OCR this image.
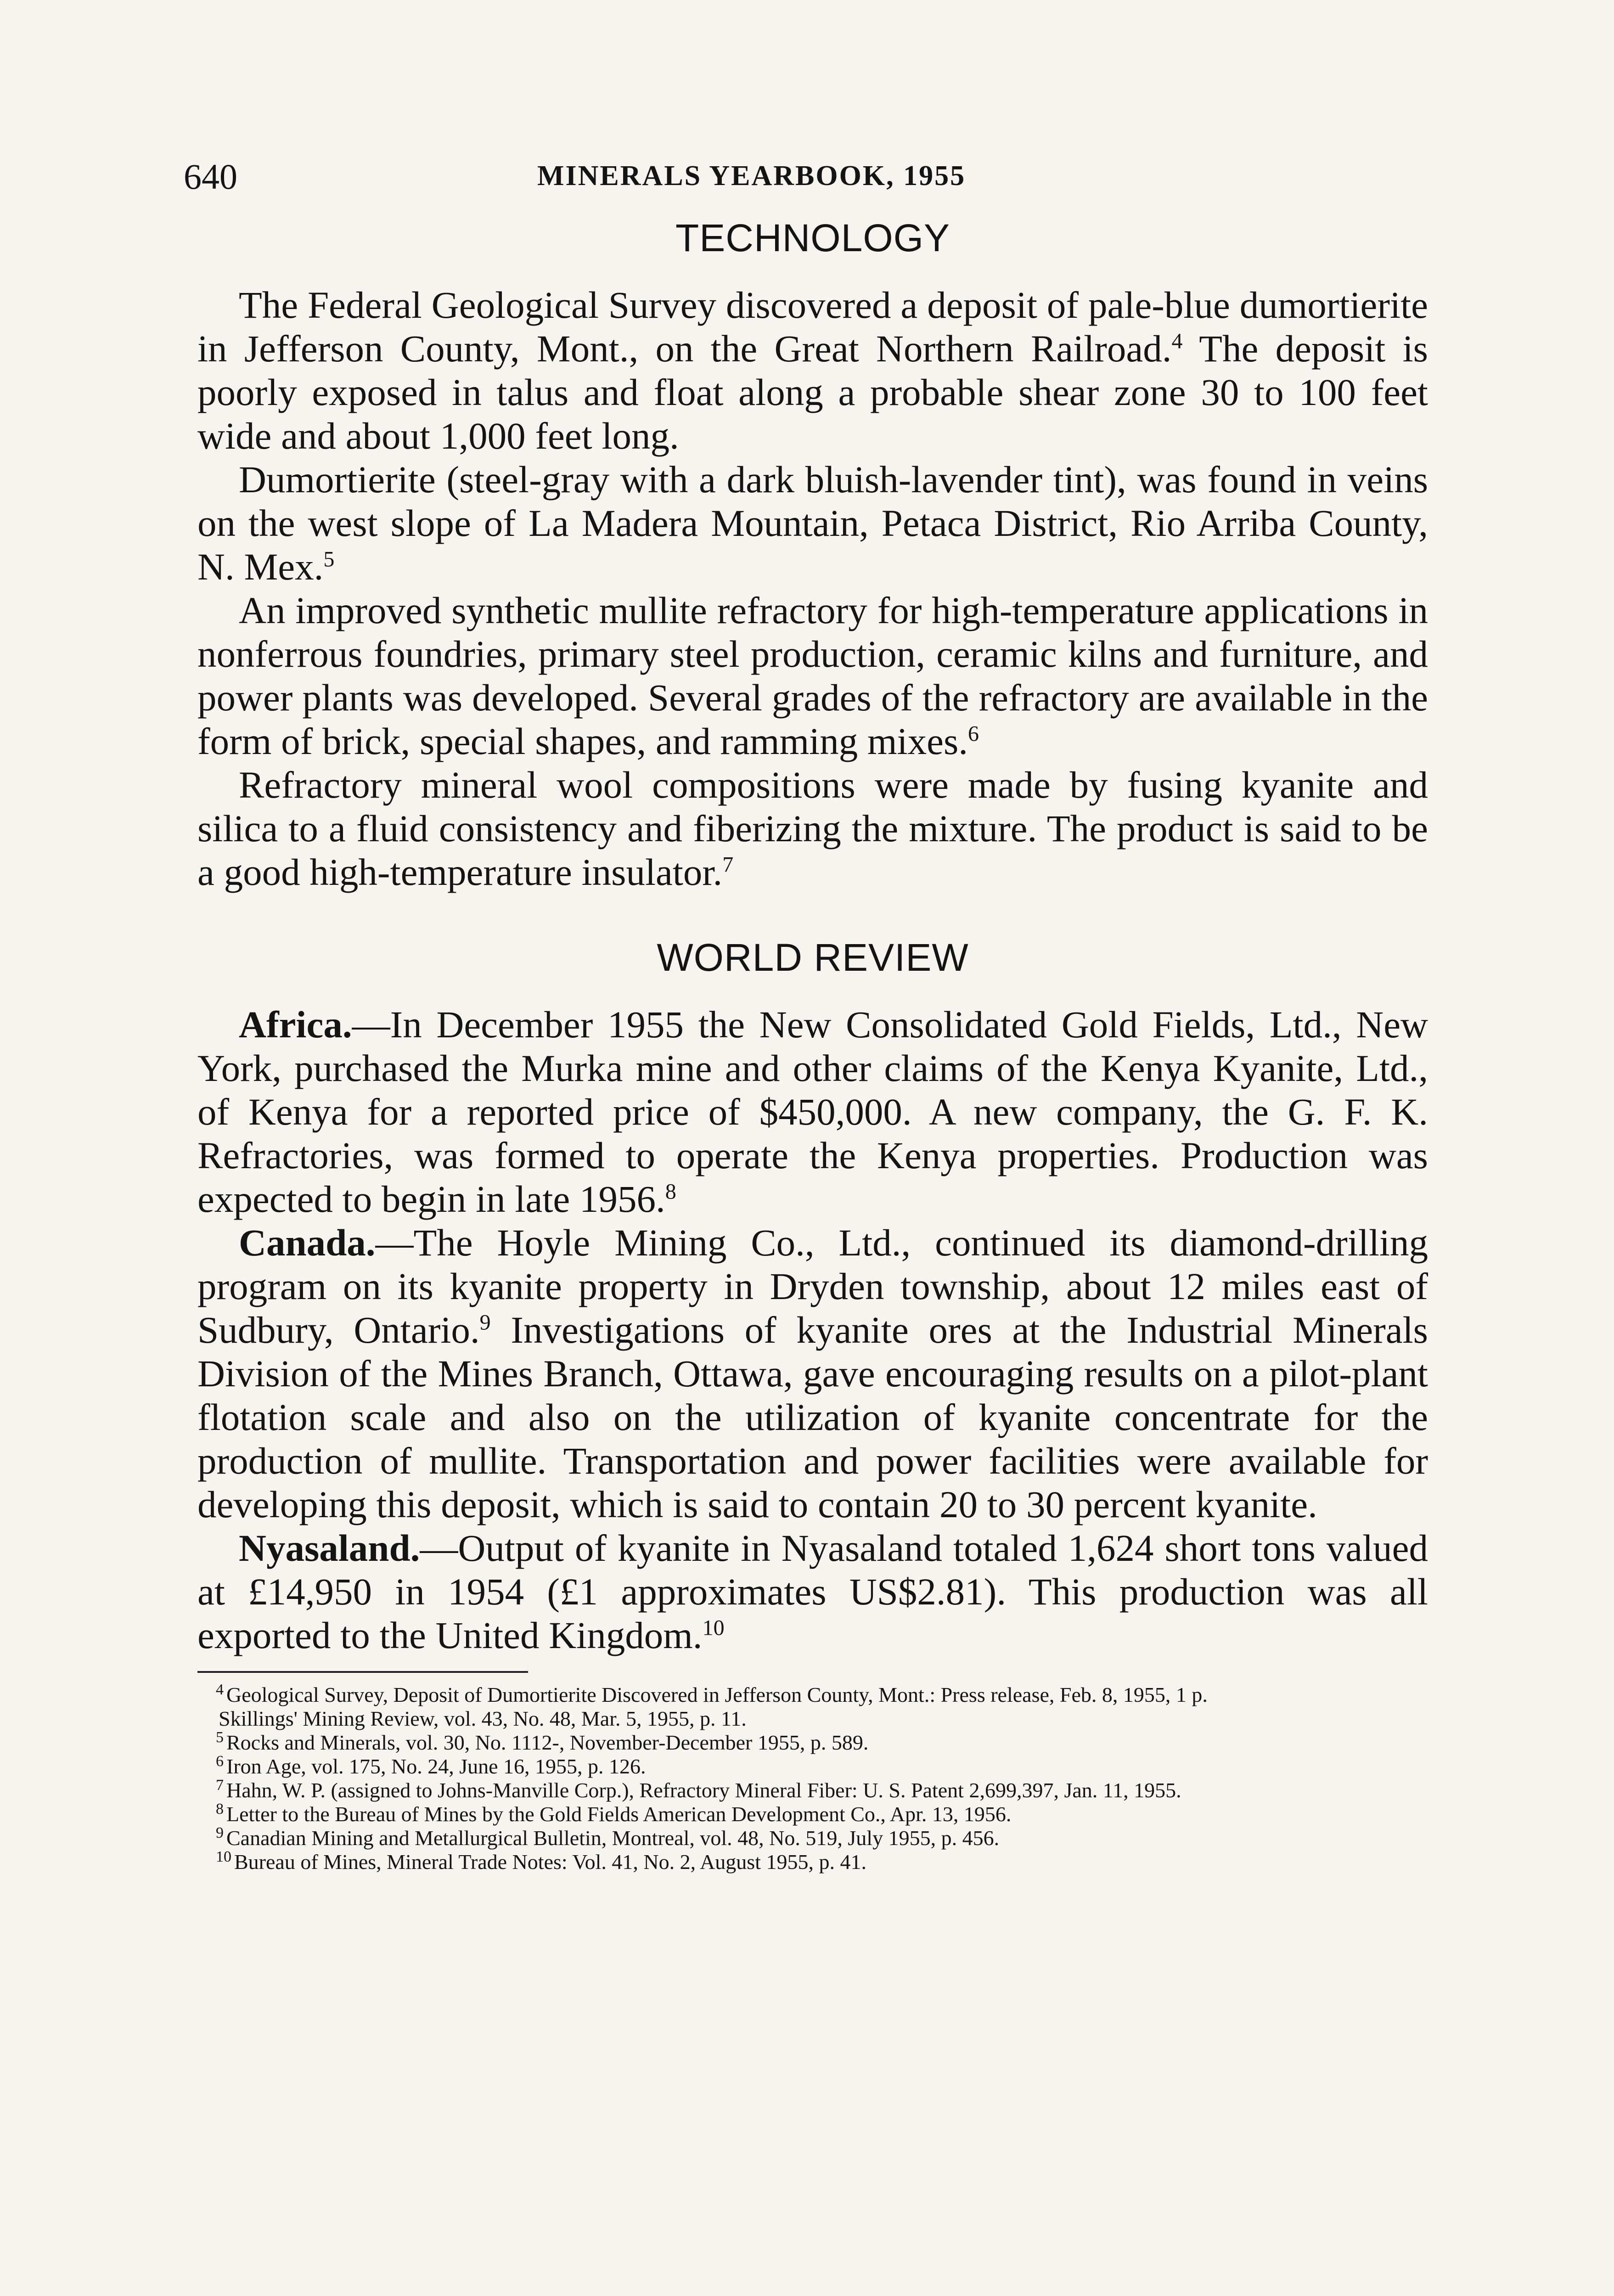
640	MINERALS YEARBOOK, 1955
TECHNOLOGY

The Federal Geological Survey discovered a deposit of pale-blue dumortierite in Jefferson County, Mont., on the Great Northern Railroad.$^4$ The deposit is poorly exposed in talus and float along a probable shear zone 30 to 100 feet wide and about 1,000 feet long.

Dumortierite (steel-gray with a dark bluish-lavender tint), was found in veins on the west slope of La Madera Mountain, Petaca District, Rio Arriba County, N. Mex.$^5$

An improved synthetic mullite refractory for high-temperature applications in nonferrous foundries, primary steel production, ceramic kilns and furniture, and power plants was developed. Several grades of the refractory are available in the form of brick, special shapes, and ramming mixes.$^6$

Refractory mineral wool compositions were made by fusing kyanite and silica to a fluid consistency and fiberizing the mixture. The product is said to be a good high-temperature insulator.$^7$

WORLD REVIEW

Africa.—In December 1955 the New Consolidated Gold Fields, Ltd., New York, purchased the Murka mine and other claims of the Kenya Kyanite, Ltd., of Kenya for a reported price of $450,000. A new company, the G. F. K. Refractories, was formed to operate the Kenya properties. Production was expected to begin in late 1956.$^8$

Canada.—The Hoyle Mining Co., Ltd., continued its diamond-drilling program on its kyanite property in Dryden township, about 12 miles east of Sudbury, Ontario.$^9$ Investigations of kyanite ores at the Industrial Minerals Division of the Mines Branch, Ottawa, gave encouraging results on a pilot-plant flotation scale and also on the utilization of kyanite concentrate for the production of mullite. Transportation and power facilities were available for developing this deposit, which is said to contain 20 to 30 percent kyanite.

Nyasaland.—Output of kyanite in Nyasaland totaled 1,624 short tons valued at £14,950 in 1954 (£1 approximates US$2.81). This production was all exported to the United Kingdom.$^{10}$

$^4$ Geological Survey, Deposit of Dumortierite Discovered in Jefferson County, Mont.: Press release, Feb. 8, 1955, 1 p.

Skillings' Mining Review, vol. 43, No. 48, Mar. 5, 1955, p. 11.

$^5$ Rocks and Minerals, vol. 30, No. 1112-, November-December 1955, p. 589.

$^6$ Iron Age, vol. 175, No. 24, June 16, 1955, p. 126.

$^7$ Hahn, W. P. (assigned to Johns-Manville Corp.), Refractory Mineral Fiber: U. S. Patent 2,699,397, Jan. 11, 1955.

$^8$ Letter to the Bureau of Mines by the Gold Fields American Development Co., Apr. 13, 1956.

$^9$ Canadian Mining and Metallurgical Bulletin, Montreal, vol. 48, No. 519, July 1955, p. 456.

$^{10}$ Bureau of Mines, Mineral Trade Notes: Vol. 41, No. 2, August 1955, p. 41.
